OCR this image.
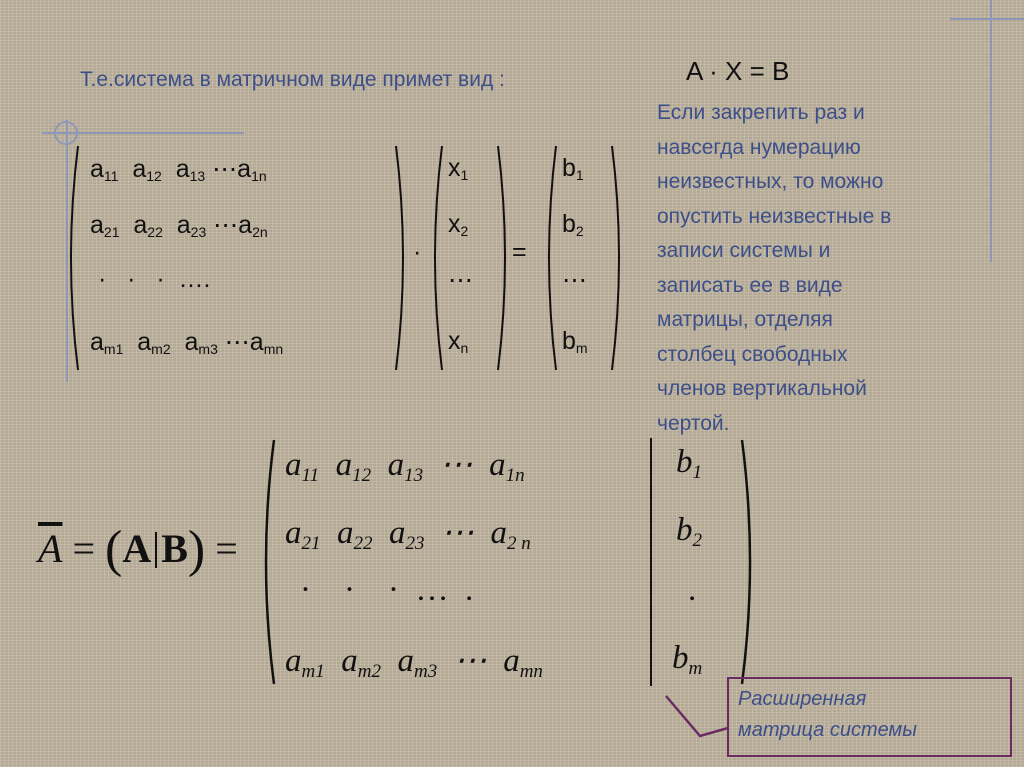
Т.е.система в матричном виде примет вид :	A · X = B
Если закрепить раз и
навсегда нумерацию
неизвестных, то можно
опустить неизвестные в
записи системы и
записать ее в виде
матрицы, отделяя
столбец свободных
членов вертикальной
чертой.
$a_{11}$  $a_{12}$  $a_{13}$ $\cdots a_{1n}$
$a_{21}$  $a_{22}$  $a_{23}$ $\cdots a_{2n}$
·   ·   ·  ….
$a_{m1}$  $a_{m2}$  $a_{m3}$ $\cdots a_{mn}$
·
$x_1$
$x_2$
⋯
$x_n$
=
$b_1$
$b_2$
⋯
$b_m$
$\overline{A} = (A$ B) =
$a_{11}$  $a_{12}$  $a_{13}$  ⋯  $a_{1n}$
$a_{21}$  $a_{22}$  $a_{23}$  ⋯  $a_{2 n}$
·    ·    ·  …  .
$a_{m1}$  $a_{m2}$  $a_{m3}$  ⋯  $a_{mn}$
$b_1$
$b_2$
.
$b_m$
Расширенная
матрица системы
